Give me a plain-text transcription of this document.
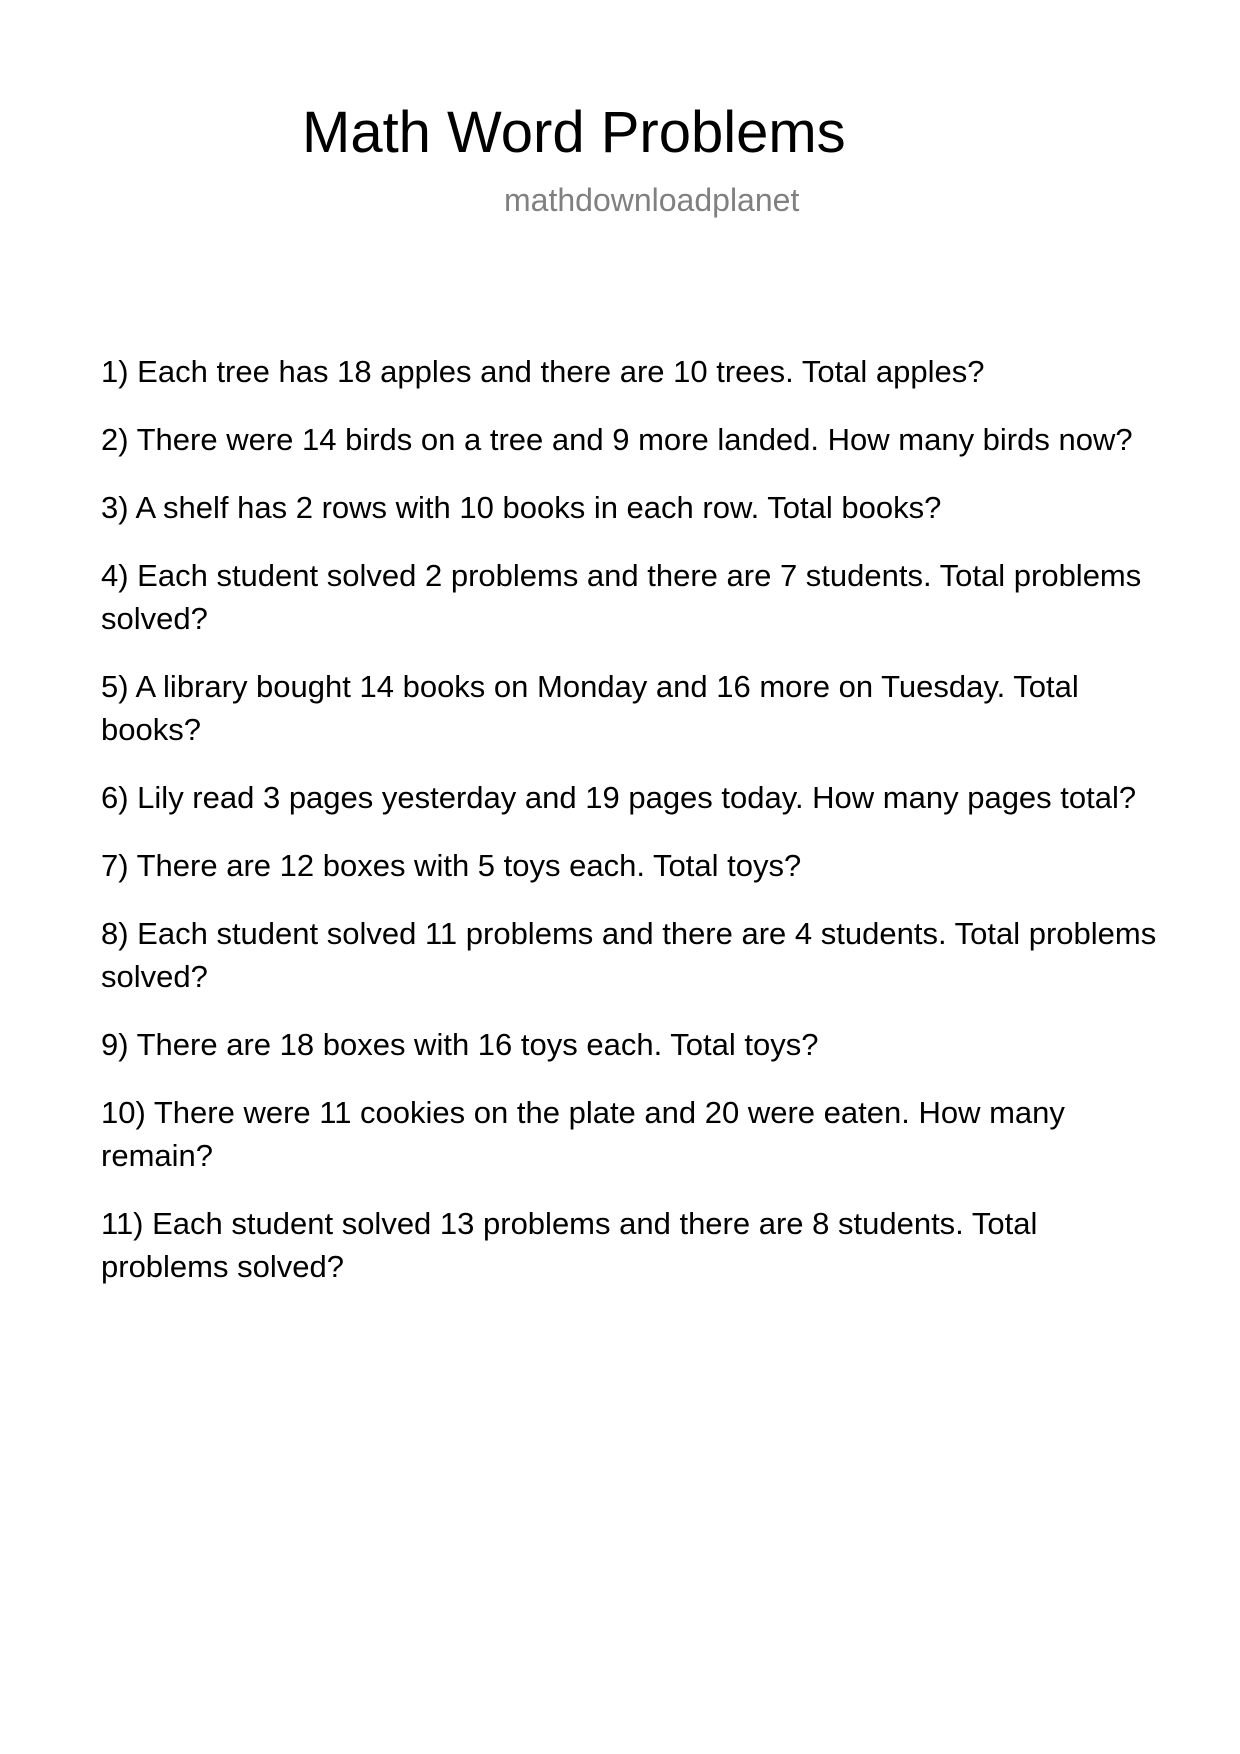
Math Word Problems
mathdownloadplanet
1) Each tree has 18 apples and there are 10 trees. Total apples?
2) There were 14 birds on a tree and 9 more landed. How many birds now?
3) A shelf has 2 rows with 10 books in each row. Total books?
4) Each student solved 2 problems and there are 7 students. Total problems solved?
5) A library bought 14 books on Monday and 16 more on Tuesday. Total books?
6) Lily read 3 pages yesterday and 19 pages today. How many pages total?
7) There are 12 boxes with 5 toys each. Total toys?
8) Each student solved 11 problems and there are 4 students. Total problems solved?
9) There are 18 boxes with 16 toys each. Total toys?
10) There were 11 cookies on the plate and 20 were eaten. How many remain?
11) Each student solved 13 problems and there are 8 students. Total problems solved?
